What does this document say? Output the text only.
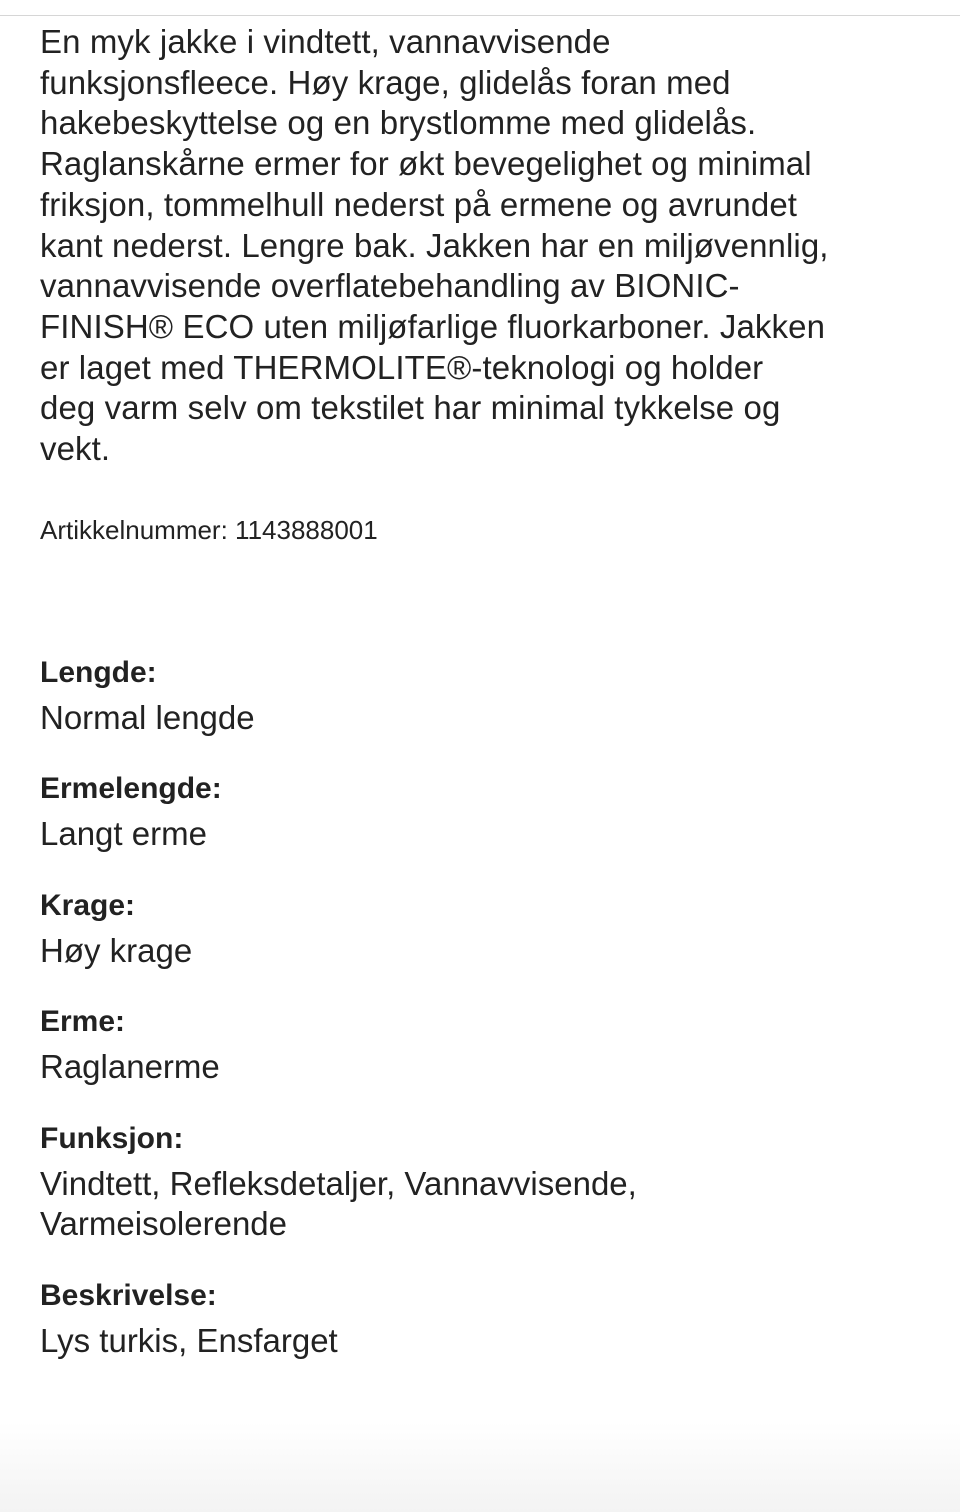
En myk jakke i vindtett, vannavvisende
funksjonsfleece. Høy krage, glidelås foran med
hakebeskyttelse og en brystlomme med glidelås.
Raglanskårne ermer for økt bevegelighet og minimal
friksjon, tommelhull nederst på ermene og avrundet
kant nederst. Lengre bak. Jakken har en miljøvennlig,
vannavvisende overflatebehandling av BIONIC-
FINISH® ECO uten miljøfarlige fluorkarboner. Jakken
er laget med THERMOLITE®-teknologi og holder
deg varm selv om tekstilet har minimal tykkelse og
vekt.

Artikkelnummer: 1143888001

Lengde:
Normal lengde
Ermelengde:
Langt erme
Krage:
Høy krage
Erme:
Raglanerme
Funksjon:
Vindtett, Refleksdetaljer, Vannavvisende,
Varmeisolerende
Beskrivelse:
Lys turkis, Ensfarget
